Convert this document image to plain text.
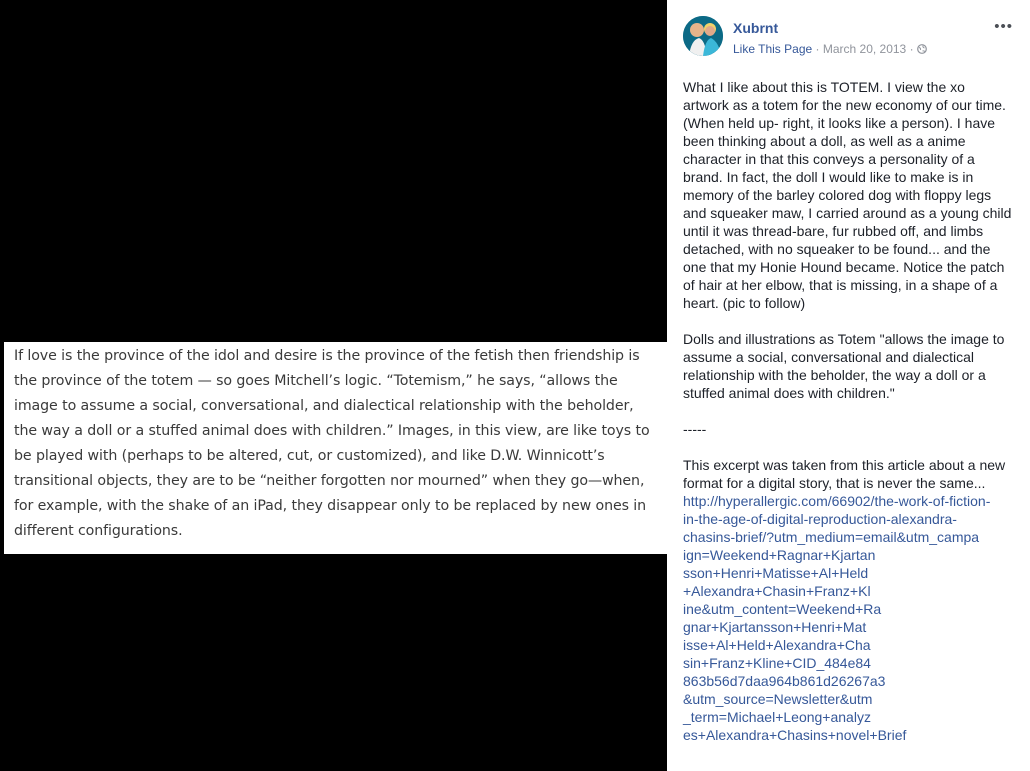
If love is the province of the idol and desire is the province of the fetish then friendship is the province of the totem — so goes Mitchell’s logic. “Totemism,” he says, “allows the image to assume a social, conversational, and dialectical relationship with the beholder, the way a doll or a stuffed animal does with children.” Images, in this view, are like toys to be played with (perhaps to be altered, cut, or customized), and like D.W. Winnicott’s transitional objects, they are to be “neither forgotten nor mourned” when they go—when, for example, with the shake of an iPad, they disappear only to be replaced by new ones in different configurations.

Xubrnt
Like This Page · March 20, 2013 ·
•••

What I like about this is TOTEM. I view the xo artwork as a totem for the new economy of our time. (When held up- right, it looks like a person). I have been thinking about a doll, as well as a anime character in that this conveys a personality of a brand. In fact, the doll I would like to make is in memory of the barley colored dog with floppy legs and squeaker maw, I carried around as a young child until it was thread-bare, fur rubbed off, and limbs detached, with no squeaker to be found... and the one that my Honie Hound became. Notice the patch of hair at her elbow, that is missing, in a shape of a heart. (pic to follow)

Dolls and illustrations as Totem "allows the image to assume a social, conversational and dialectical relationship with the beholder, the way a doll or a stuffed animal does with children."

-----

This excerpt was taken from this article about a new format for a digital story, that is never the same...

http://hyperallergic.com/66902/the-work-of-fiction-
in-the-age-of-digital-reproduction-alexandra-
chasins-brief/?utm_medium=email&utm_campa
ign=Weekend+Ragnar+Kjartan
sson+Henri+Matisse+Al+Held
+Alexandra+Chasin+Franz+Kl
ine&utm_content=Weekend+Ra
gnar+Kjartansson+Henri+Mat
isse+Al+Held+Alexandra+Cha
sin+Franz+Kline+CID_484e84
863b56d7daa964b861d26267a3
&utm_source=Newsletter&utm
_term=Michael+Leong+analyz
es+Alexandra+Chasins+novel+Brief
